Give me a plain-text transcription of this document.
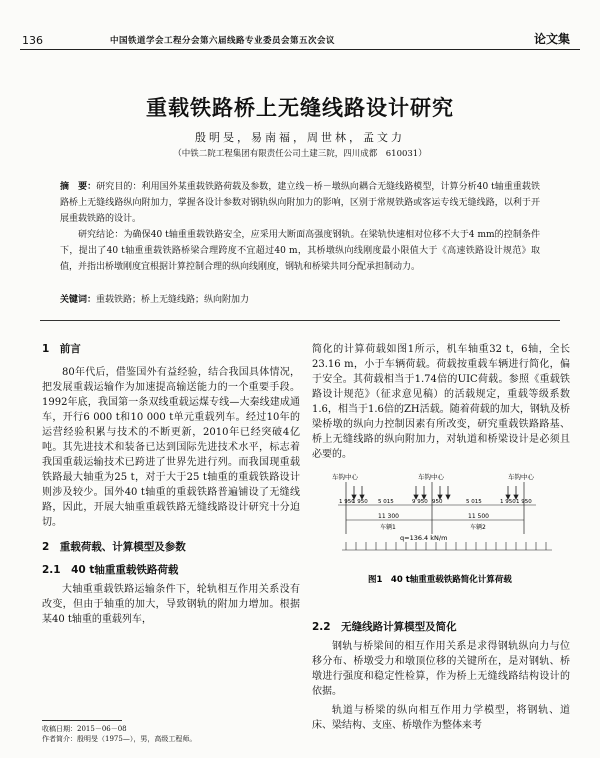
136	中国铁道学会工程分会第六届线路专业委员会第五次会议	论文集
重载铁路桥上无缝线路设计研究
殷明旻，易南福，周世林，孟文力
（中铁二院工程集团有限责任公司土建三院，四川成都　610031）
摘　要：研究目的：利用国外某重载铁路荷载及参数，建立线－桥－墩纵向耦合无缝线路模型，计算分析40 t轴重重载铁路桥上无缝线路纵向附加力，掌握各设计参数对钢轨纵向附加力的影响，区别于常规铁路或客运专线无缝线路，以利于开展重载铁路的设计。
研究结论：为确保40 t轴重重载铁路安全，应采用大断面高强度钢轨。在梁轨快速相对位移不大于4 mm的控制条件下，提出了40 t轴重重载铁路桥梁合理跨度不宜超过40 m，其桥墩纵向线刚度最小限值大于《高速铁路设计规范》取值，并指出桥墩刚度宜根据计算控制合理的纵向线刚度，钢轨和桥梁共同分配承担制动力。
关键词：重载铁路；桥上无缝线路；纵向附加力
1　前言
80年代后，借鉴国外有益经验，结合我国具体情况，把发展重载运输作为加速提高输送能力的一个重要手段。1992年底，我国第一条双线重载运煤专线—大秦线建成通车，开行6 000 t和10 000 t单元重载列车。经过10年的运营经验积累与技术的不断更新，2010年已经突破4亿吨。其先进技术和装备已达到国际先进技术水平，标志着我国重载运输技术已跨进了世界先进行列。而我国现重载铁路最大轴重为25 t，对于大于25 t轴重的重载铁路设计则涉及较少。国外40 t轴重的重载铁路普遍铺设了无缝线路，因此，开展大轴重重载铁路无缝线路设计研究十分迫切。
2　重载荷载、计算模型及参数
2.1　40 t轴重重载铁路荷载
大轴重重载铁路运输条件下，轮轨相互作用关系没有改变，但由于轴重的加大，导致钢轨的附加力增加。根据某40 t轴重的重载列车，
收稿日期：2015－06－08
作者简介：殷明旻（1975—），男，高级工程师。
简化的计算荷载如图1所示，机车轴重32 t，6轴，全长23.16 m，小于车辆荷载。荷载按重载车辆进行简化，偏于安全。其荷载相当于1.74倍的UIC荷载。参照《重载铁路设计规范》（征求意见稿）的活载规定，重载等级系数1.6，相当于1.6倍的ZH活载。随着荷载的加大，钢轨及桥梁桥墩的纵向力控制因素有所改变，研究重载铁路路基、桥上无缝线路的纵向附加力，对轨道和桥梁设计是必须且必要的。
车钩中心	车钩中心	车钩中心
1 950
1 950 5 015	9 950 950	5 015	1 950 1 950
11 300	11 500
车辆1	车辆2
q=136.4 kN/m
图1　40 t轴重重载铁路简化计算荷载
2.2　无缝线路计算模型及简化
钢轨与桥梁间的相互作用关系是求得钢轨纵向力与位移分布、桥墩受力和墩顶位移的关键所在，是对钢轨、桥墩进行强度和稳定性检算，作为桥上无缝线路结构设计的依据。
轨道与桥梁的纵向相互作用力学模型，将钢轨、道床、梁结构、支座、桥墩作为整体来考
